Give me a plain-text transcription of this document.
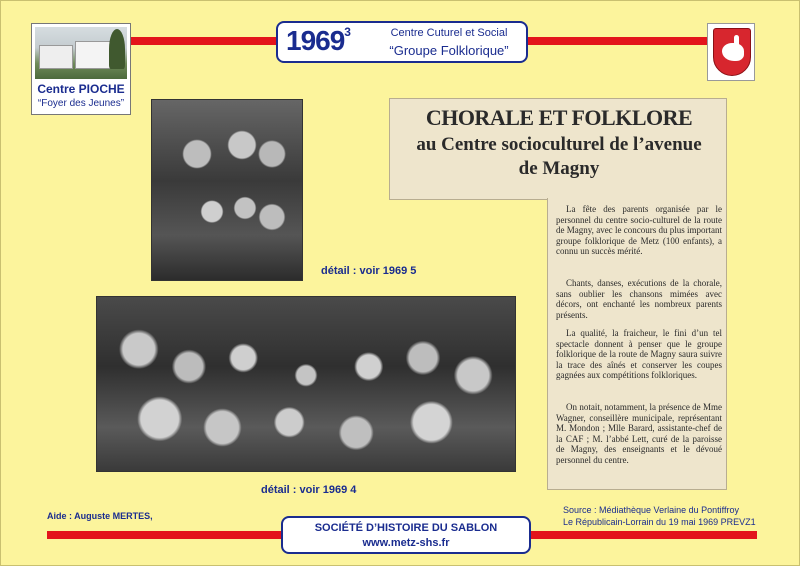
Centre PIOCHE
“Foyer des Jeunes”
1969$^3$	Centre Cuturel et Social
“Groupe Folklorique”
détail : voir 1969 5
détail : voir 1969 4
CHORALE ET FOLKLORE
au Centre socioculturel de l’avenue
de Magny

La fête des parents organisée par le personnel du centre socio-culturel de la route de Magny, avec le concours du plus important groupe folklorique de Metz (100 enfants), a connu un succès mérité.

Chants, danses, exécutions de la chorale, sans oublier les chansons mimées avec décors, ont enchanté les nombreux parents présents.

La qualité, la fraicheur, le fini d’un tel spectacle donnent à penser que le groupe folklorique de la route de Magny saura suivre la trace des aînés et conserver les coupes gagnées aux compétitions folkloriques.

On notait, notamment, la présence de Mme Wagner, conseillère municipale, représentant M. Mondon ; Mlle Barard, assistante-chef de la CAF ; M. l’abbé Lett, curé de la paroisse de Magny, des enseignants et le dévoué personnel du centre.

Aide : Auguste MERTES,
Source : Médiathèque Verlaine du Pontiffroy
Le Républicain-Lorrain du 19 mai 1969 PREVZ1
SOCIÉTÉ D’HISTOIRE DU SABLON
www.metz-shs.fr
